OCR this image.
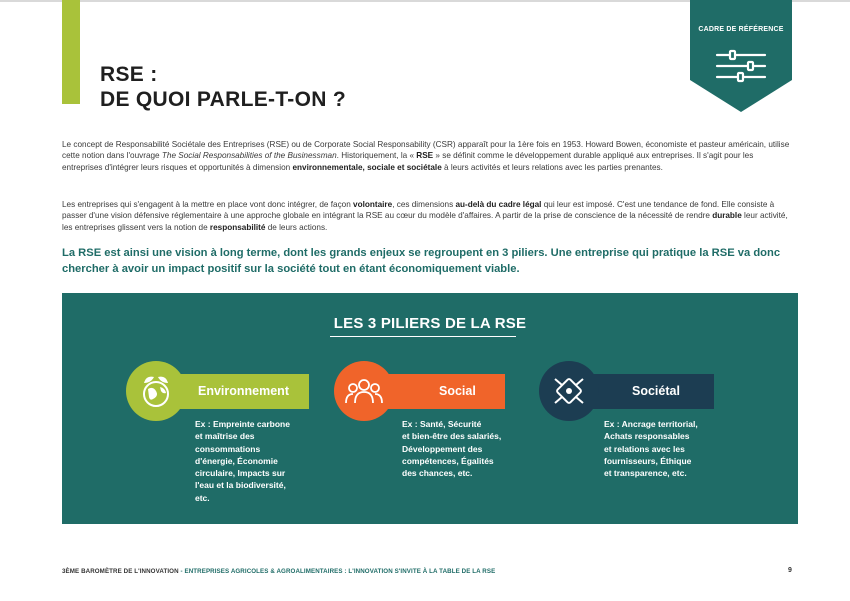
RSE :
DE QUOI PARLE-T-ON ?
CADRE DE RÉFÉRENCE

Le concept de Responsabilité Sociétale des Entreprises (RSE) ou de Corporate Social Responsability (CSR) apparaît pour la 1ère fois en 1953. Howard Bowen, économiste et pasteur américain, utilise cette notion dans l'ouvrage The Social Responsabilities of the Businessman. Historiquement, la « RSE » se définit comme le développement durable appliqué aux entreprises. Il s'agit pour les entreprises d'intégrer leurs risques et opportunités à dimension environnementale, sociale et sociétale à leurs activités et leurs relations avec les parties prenantes.

Les entreprises qui s'engagent à la mettre en place vont donc intégrer, de façon volontaire, ces dimensions au-delà du cadre légal qui leur est imposé. C'est une tendance de fond. Elle consiste à passer d'une vision défensive réglementaire à une approche globale en intégrant la RSE au cœur du modèle d'affaires. A partir de la prise de conscience de la nécessité de rendre durable leur activité, les entreprises glissent vers la notion de responsabilité de leurs actions.

La RSE est ainsi une vision à long terme, dont les grands enjeux se regroupent en 3 piliers. Une entreprise qui pratique la RSE va donc chercher à avoir un impact positif sur la société tout en étant économiquement viable.

LES 3 PILIERS DE LA RSE
Environnement
Ex : Empreinte carbone
et maîtrise des
consommations
d'énergie, Économie
circulaire, Impacts sur
l'eau et la biodiversité,
etc.
Social
Ex : Santé, Sécurité
et bien-être des salariés,
Développement des
compétences, Égalités
des chances, etc.
Sociétal
Ex : Ancrage territorial,
Achats responsables
et relations avec les
fournisseurs, Éthique
et transparence, etc.
3ÈME BAROMÈTRE DE L'INNOVATION - ENTREPRISES AGRICOLES & AGROALIMENTAIRES : L'INNOVATION S'INVITE À LA TABLE DE LA RSE	9
